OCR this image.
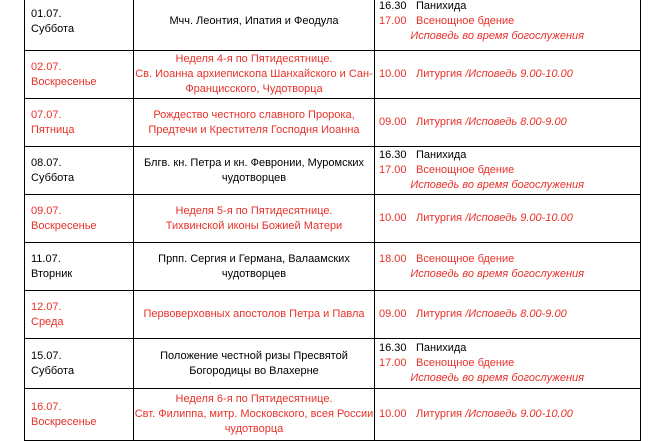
01.07.
Суббота	Мчч. Леонтия, Ипатия и Феодула	16.30 Панихида
17.00 Всенощное бдение
Исповедь во время богослужения

02.07.
Воскресенье	Неделя 4-я по Пятидесятнице.
Св. Иоанна архиепископа Шанхайского и Сан-
Францисского, Чудотворца	10.00 Литургия /Исповедь 9.00-10.00

07.07.
Пятница	Рождество честного славного Пророка,
Предтечи и Крестителя Господня Иоанна	09.00 Литургия /Исповедь 8.00-9.00

08.07.
Суббота	Блгв. кн. Петра и кн. Февронии, Муромских
чудотворцев	16.30 Панихида
17.00 Всенощное бдение
Исповедь во время богослужения

09.07.
Воскресенье	Неделя 5-я по Пятидесятнице.
Тихвинской иконы Божией Матери	10.00 Литургия /Исповедь 9.00-10.00

11.07.
Вторник	Прпп. Сергия и Германа, Валаамских
чудотворцев	18.00 Всенощное бдение
Исповедь во время богослужения

12.07.
Среда	Первоверховных апостолов Петра и Павла	09.00 Литургия /Исповедь 8.00-9.00

15.07.
Суббота	Положение честной ризы Пресвятой
Богородицы во Влахерне	16.30 Панихида
17.00 Всенощное бдение
Исповедь во время богослужения

16.07.
Воскресенье	Неделя 6-я по Пятидесятнице.
Свт. Филиппа, митр. Московского, всея России
чудотворца	10.00 Литургия /Исповедь 9.00-10.00
